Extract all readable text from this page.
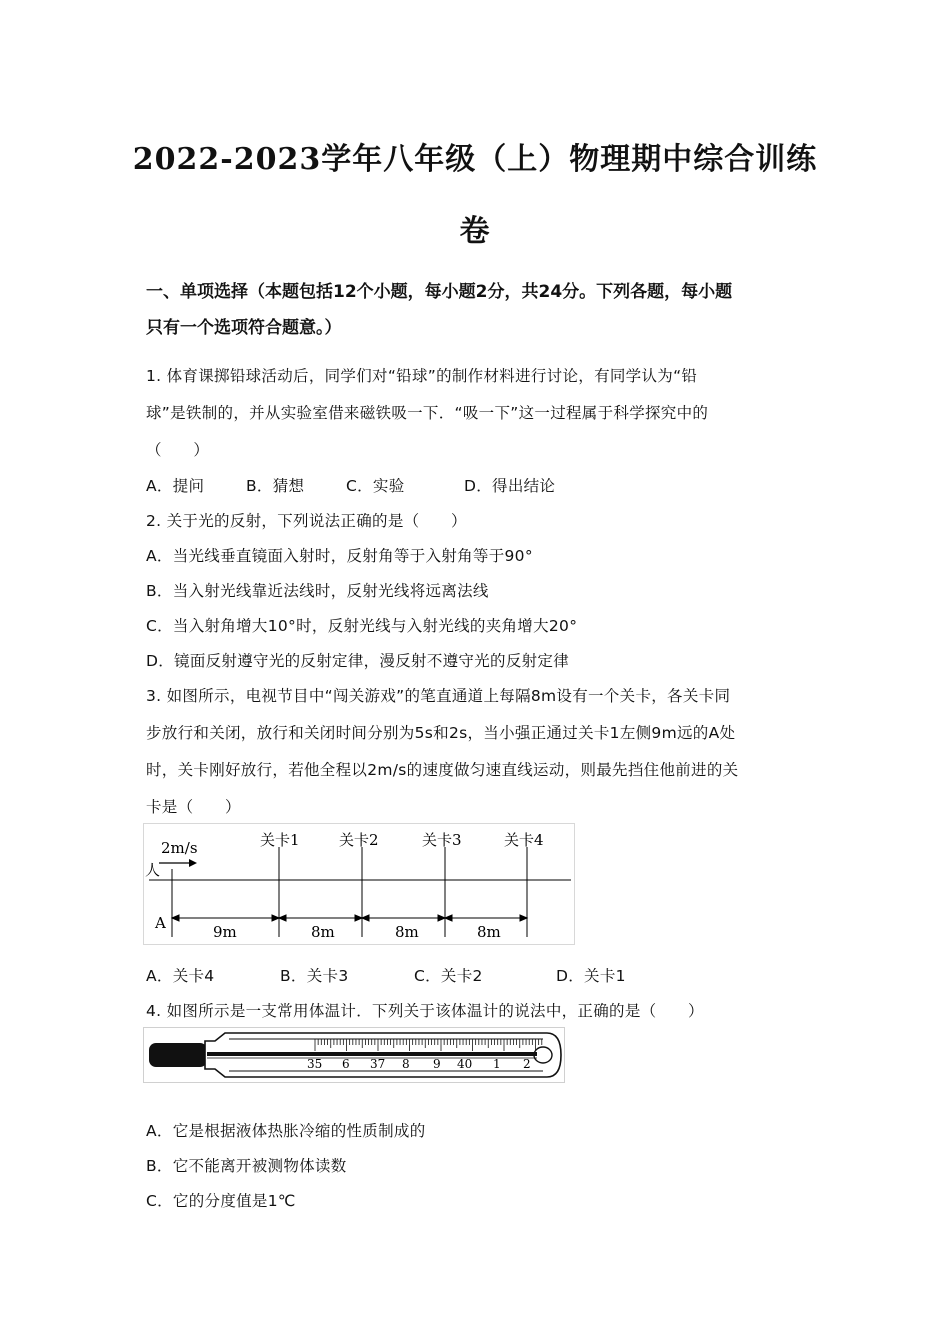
2022-2023学年八年级（上）物理期中综合训练
卷
一、单项选择（本题包括12个小题，每小题2分，共24分。下列各题，每小题
只有一个选项符合题意。）
1. 体育课掷铅球活动后，同学们对“铅球”的制作材料进行讨论，有同学认为“铅
球”是铁制的，并从实验室借来磁铁吸一下．“吸一下”这一过程属于科学探究中的
（　　）
A．提问	B．猜想	C．实验	D．得出结论
2. 关于光的反射，下列说法正确的是（　　）
A．当光线垂直镜面入射时，反射角等于入射角等于90°
B．当入射光线靠近法线时，反射光线将远离法线
C．当入射角增大10°时，反射光线与入射光线的夹角增大20°
D．镜面反射遵守光的反射定律，漫反射不遵守光的反射定律
3. 如图所示，电视节目中“闯关游戏”的笔直通道上每隔8m设有一个关卡，各关卡同
步放行和关闭，放行和关闭时间分别为5s和2s，当小强正通过关卡1左侧9m远的A处
时，关卡刚好放行，若他全程以2m/s的速度做匀速直线运动，则最先挡住他前进的关
卡是（　　）
2m/s
人
A
关卡1	关卡2	关卡3	关卡4
9m	8m	8m	8m
A．关卡4	B．关卡3	C．关卡2	D．关卡1
4. 如图所示是一支常用体温计．下列关于该体温计的说法中，正确的是（　　）
35 6 37 8 9 40 1 2
A．它是根据液体热胀冷缩的性质制成的
B．它不能离开被测物体读数
C．它的分度值是1℃
